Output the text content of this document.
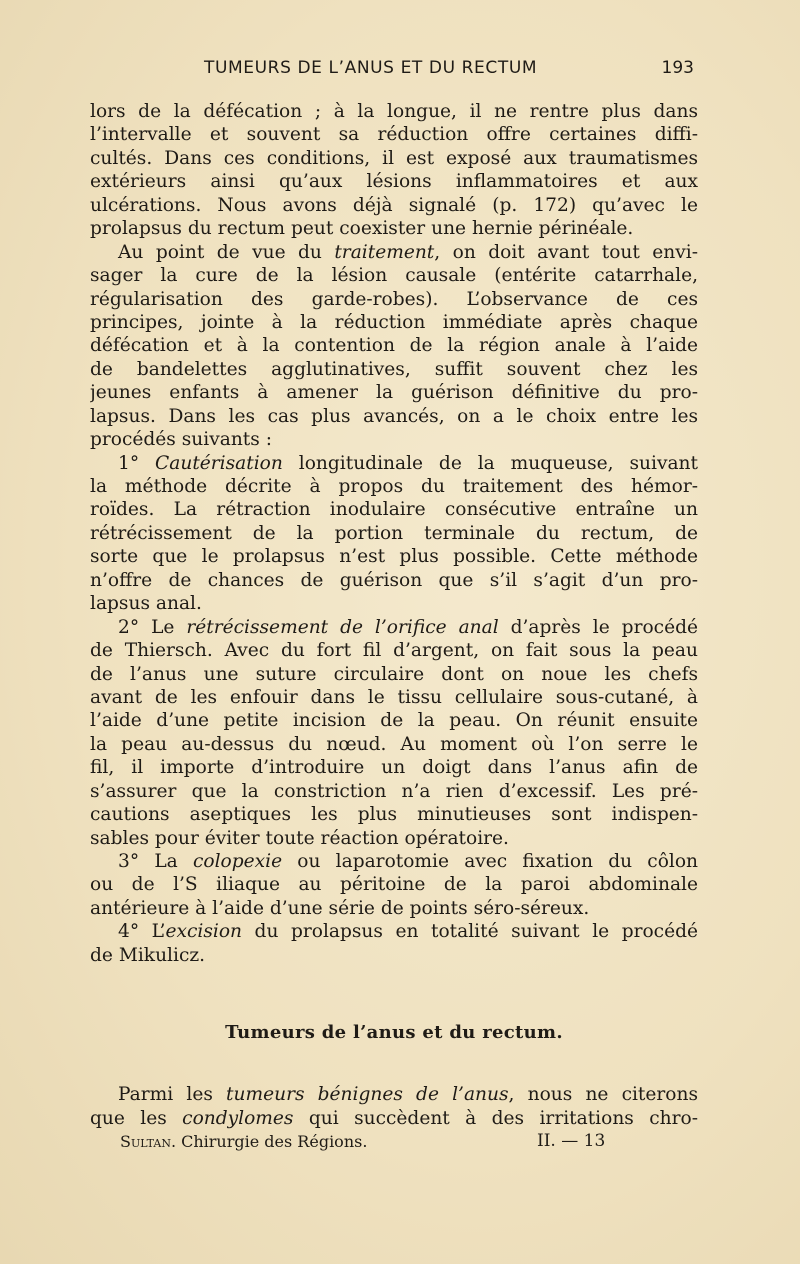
TUMEURS DE L’ANUS ET DU RECTUM	193
lors de la défécation ; à la longue, il ne rentre plus dans
l’intervalle et souvent sa réduction offre certaines diffi-
cultés. Dans ces conditions, il est exposé aux traumatismes
extérieurs ainsi qu’aux lésions inflammatoires et aux
ulcérations. Nous avons déjà signalé (p. 172) qu’avec le
prolapsus du rectum peut coexister une hernie périnéale.
Au point de vue du traitement, on doit avant tout envi-
sager la cure de la lésion causale (entérite catarrhale,
régularisation des garde-robes). L’observance de ces
principes, jointe à la réduction immédiate après chaque
défécation et à la contention de la région anale à l’aide
de bandelettes agglutinatives, suffit souvent chez les
jeunes enfants à amener la guérison définitive du pro-
lapsus. Dans les cas plus avancés, on a le choix entre les
procédés suivants :
1° Cautérisation longitudinale de la muqueuse, suivant
la méthode décrite à propos du traitement des hémor-
roïdes. La rétraction inodulaire consécutive entraîne un
rétrécissement de la portion terminale du rectum, de
sorte que le prolapsus n’est plus possible. Cette méthode
n’offre de chances de guérison que s’il s’agit d’un pro-
lapsus anal.
2° Le rétrécissement de l’orifice anal d’après le procédé
de Thiersch. Avec du fort fil d’argent, on fait sous la peau
de l’anus une suture circulaire dont on noue les chefs
avant de les enfouir dans le tissu cellulaire sous-cutané, à
l’aide d’une petite incision de la peau. On réunit ensuite
la peau au-dessus du nœud. Au moment où l’on serre le
fil, il importe d’introduire un doigt dans l’anus afin de
s’assurer que la constriction n’a rien d’excessif. Les pré-
cautions aseptiques les plus minutieuses sont indispen-
sables pour éviter toute réaction opératoire.
3° La colopexie ou laparotomie avec fixation du côlon
ou de l’S iliaque au péritoine de la paroi abdominale
antérieure à l’aide d’une série de points séro-séreux.
4° L’excision du prolapsus en totalité suivant le procédé
de Mikulicz.
Tumeurs de l’anus et du rectum.
Parmi les tumeurs bénignes de l’anus, nous ne citerons
que les condylomes qui succèdent à des irritations chro-
Sultan. Chirurgie des Régions.	II. — 13
